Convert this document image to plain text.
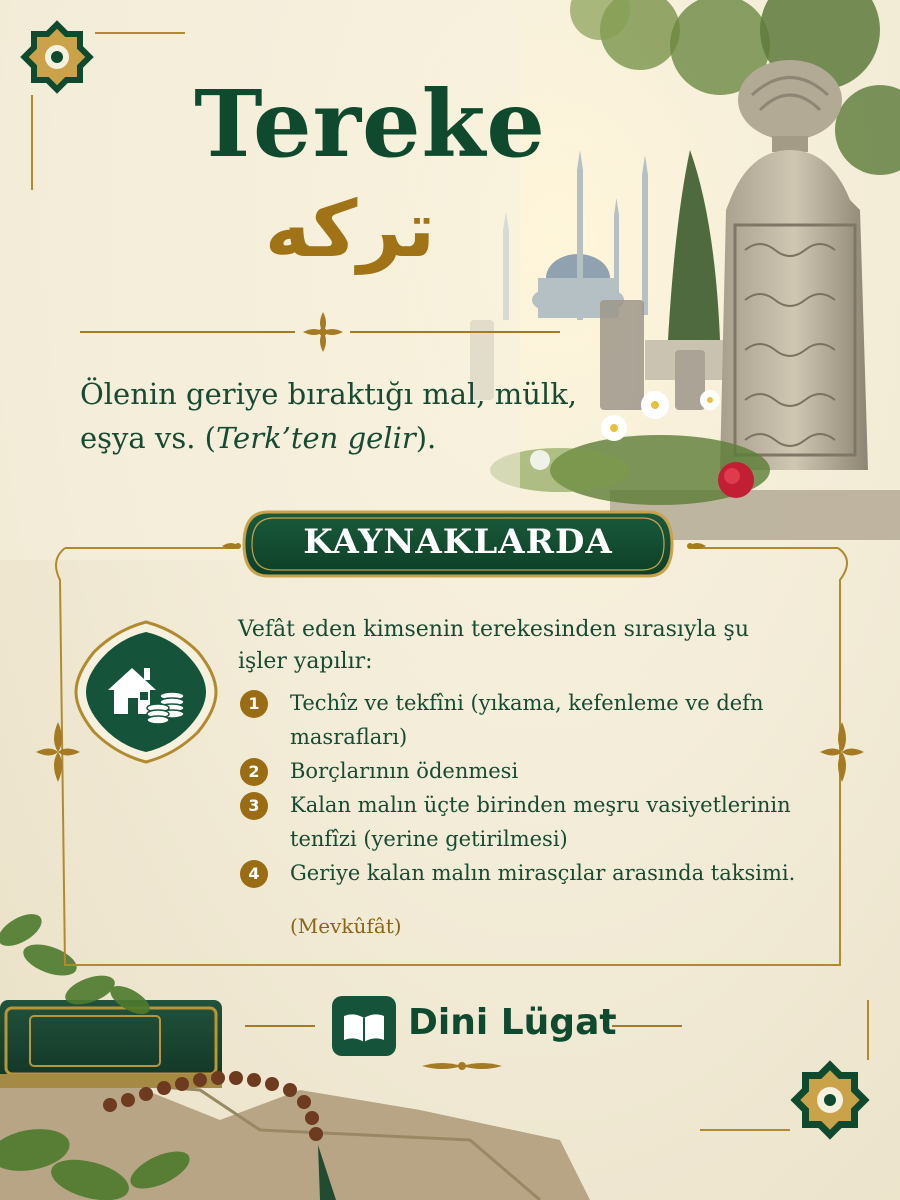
Tereke
تركه
Ölenin geriye bıraktığı mal, mülk,
eşya vs. (Terk’ten gelir).
KAYNAKLARDA
Vefât eden kimsenin terekesinden sırasıyla şu işler yapılır:
1	Techîz ve tekfîni (yıkama, kefenleme ve defn masrafları)
2	Borçlarının ödenmesi
3	Kalan malın üçte birinden meşru vasiyetlerinin tenfîzi (yerine getirilmesi)
4	Geriye kalan malın mirasçılar arasında taksimi.
(Mevkûfât)
Dini Lügat
